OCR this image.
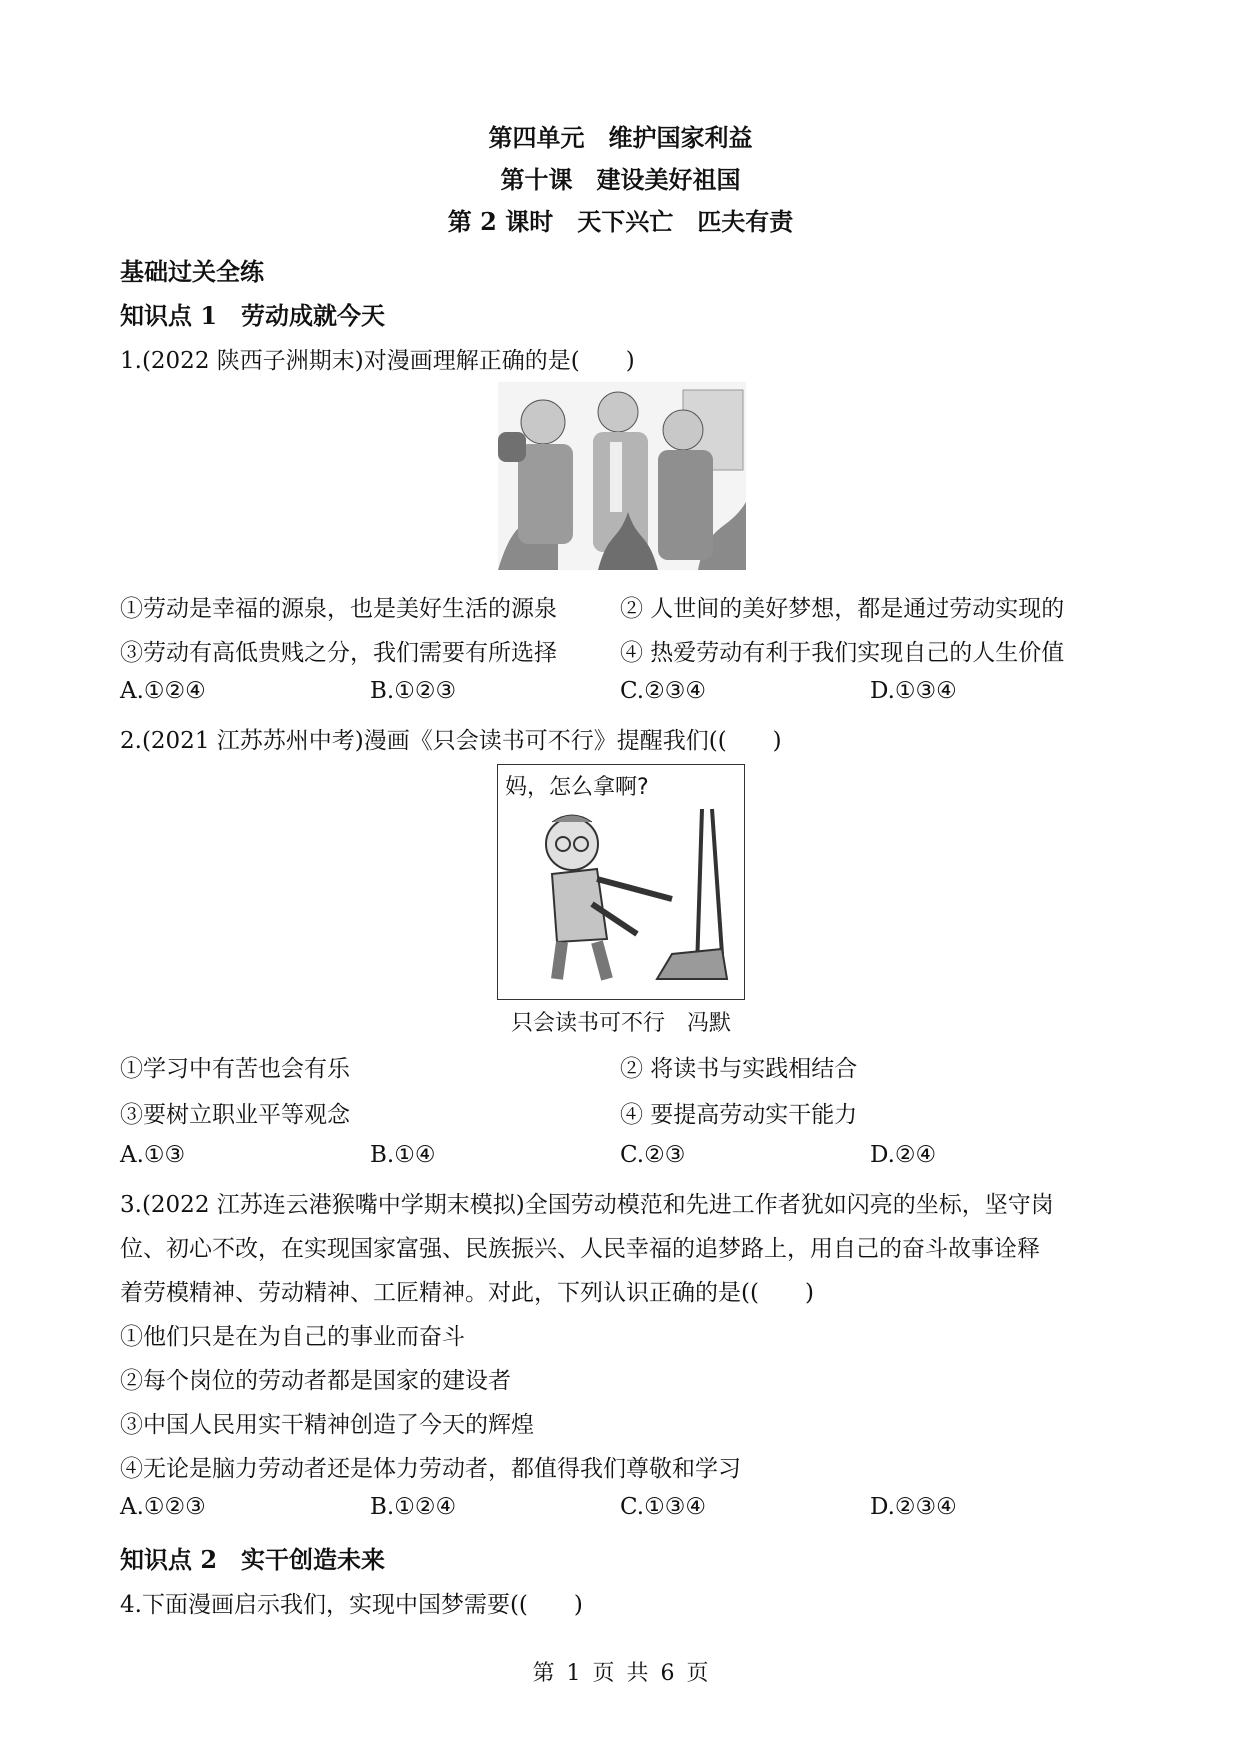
第四单元　维护国家利益
第十课　建设美好祖国
第 2 课时　天下兴亡　匹夫有责
基础过关全练
知识点 1　劳动成就今天
1.(2022 陕西子洲期末)对漫画理解正确的是(　　)
①劳动是幸福的源泉，也是美好生活的源泉	② 人世间的美好梦想，都是通过劳动实现的
③劳动有高低贵贱之分，我们需要有所选择	④ 热爱劳动有利于我们实现自己的人生价值
A.①②④	B.①②③	C.②③④	D.①③④
2.(2021 江苏苏州中考)漫画《只会读书可不行》提醒我们((　　)
妈，怎么拿啊?
只会读书可不行　冯默
①学习中有苦也会有乐	② 将读书与实践相结合
③要树立职业平等观念	④ 要提高劳动实干能力
A.①③	B.①④	C.②③	D.②④
3.(2022 江苏连云港猴嘴中学期末模拟)全国劳动模范和先进工作者犹如闪亮的坐标，坚守岗
位、初心不改，在实现国家富强、民族振兴、人民幸福的追梦路上，用自己的奋斗故事诠释
着劳模精神、劳动精神、工匠精神。对此，下列认识正确的是((　　)
①他们只是在为自己的事业而奋斗
②每个岗位的劳动者都是国家的建设者
③中国人民用实干精神创造了今天的辉煌
④无论是脑力劳动者还是体力劳动者，都值得我们尊敬和学习
A.①②③	B.①②④	C.①③④	D.②③④
知识点 2　实干创造未来
4.下面漫画启示我们，实现中国梦需要((　　)
第 1 页 共 6 页
